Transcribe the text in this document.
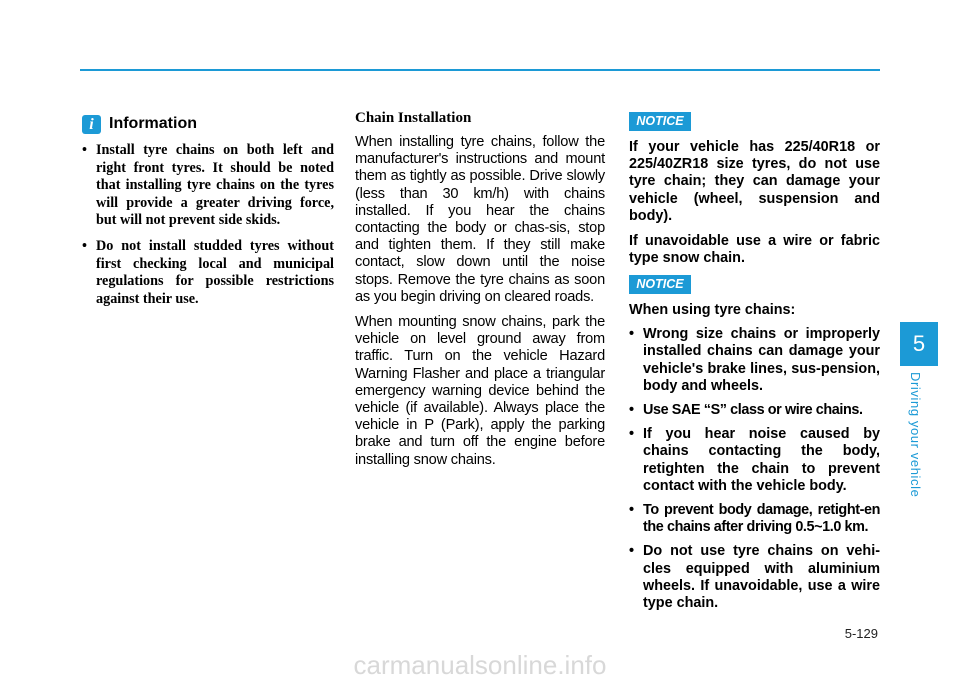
i Information
• Install tyre chains on both left and right front tyres. It should be noted that installing tyre chains on the tyres will provide a greater driving force, but will not prevent side skids.
• Do not install studded tyres without first checking local and municipal regulations for possible restrictions against their use.
Chain Installation

When installing tyre chains, follow the manufacturer's instructions and mount them as tightly as possible. Drive slowly (less than 30 km/h) with chains installed. If you hear the chains contacting the body or chas-sis, stop and tighten them. If they still make contact, slow down until the noise stops. Remove the tyre chains as soon as you begin driving on cleared roads.

When mounting snow chains, park the vehicle on level ground away from traffic. Turn on the vehicle Hazard Warning Flasher and place a triangular emergency warning device behind the vehicle (if available). Always place the vehicle in P (Park), apply the parking brake and turn off the engine before installing snow chains.

NOTICE

If your vehicle has 225/40R18 or 225/40ZR18 size tyres, do not use tyre chain; they can damage your vehicle (wheel, suspension and body).

If unavoidable use a wire or fabric type snow chain.

NOTICE

When using tyre chains:

• Wrong size chains or improperly installed chains can damage your vehicle's brake lines, sus-pension, body and wheels.
• Use SAE “S” class or wire chains.
• If you hear noise caused by chains contacting the body, retighten the chain to prevent contact with the vehicle body.
• To prevent body damage, retight-en the chains after driving 0.5~1.0 km.
• Do not use tyre chains on vehi-cles equipped with aluminium wheels. If unavoidable, use a wire type chain.
5
Driving your vehicle
5-129
carmanualsonline.info
